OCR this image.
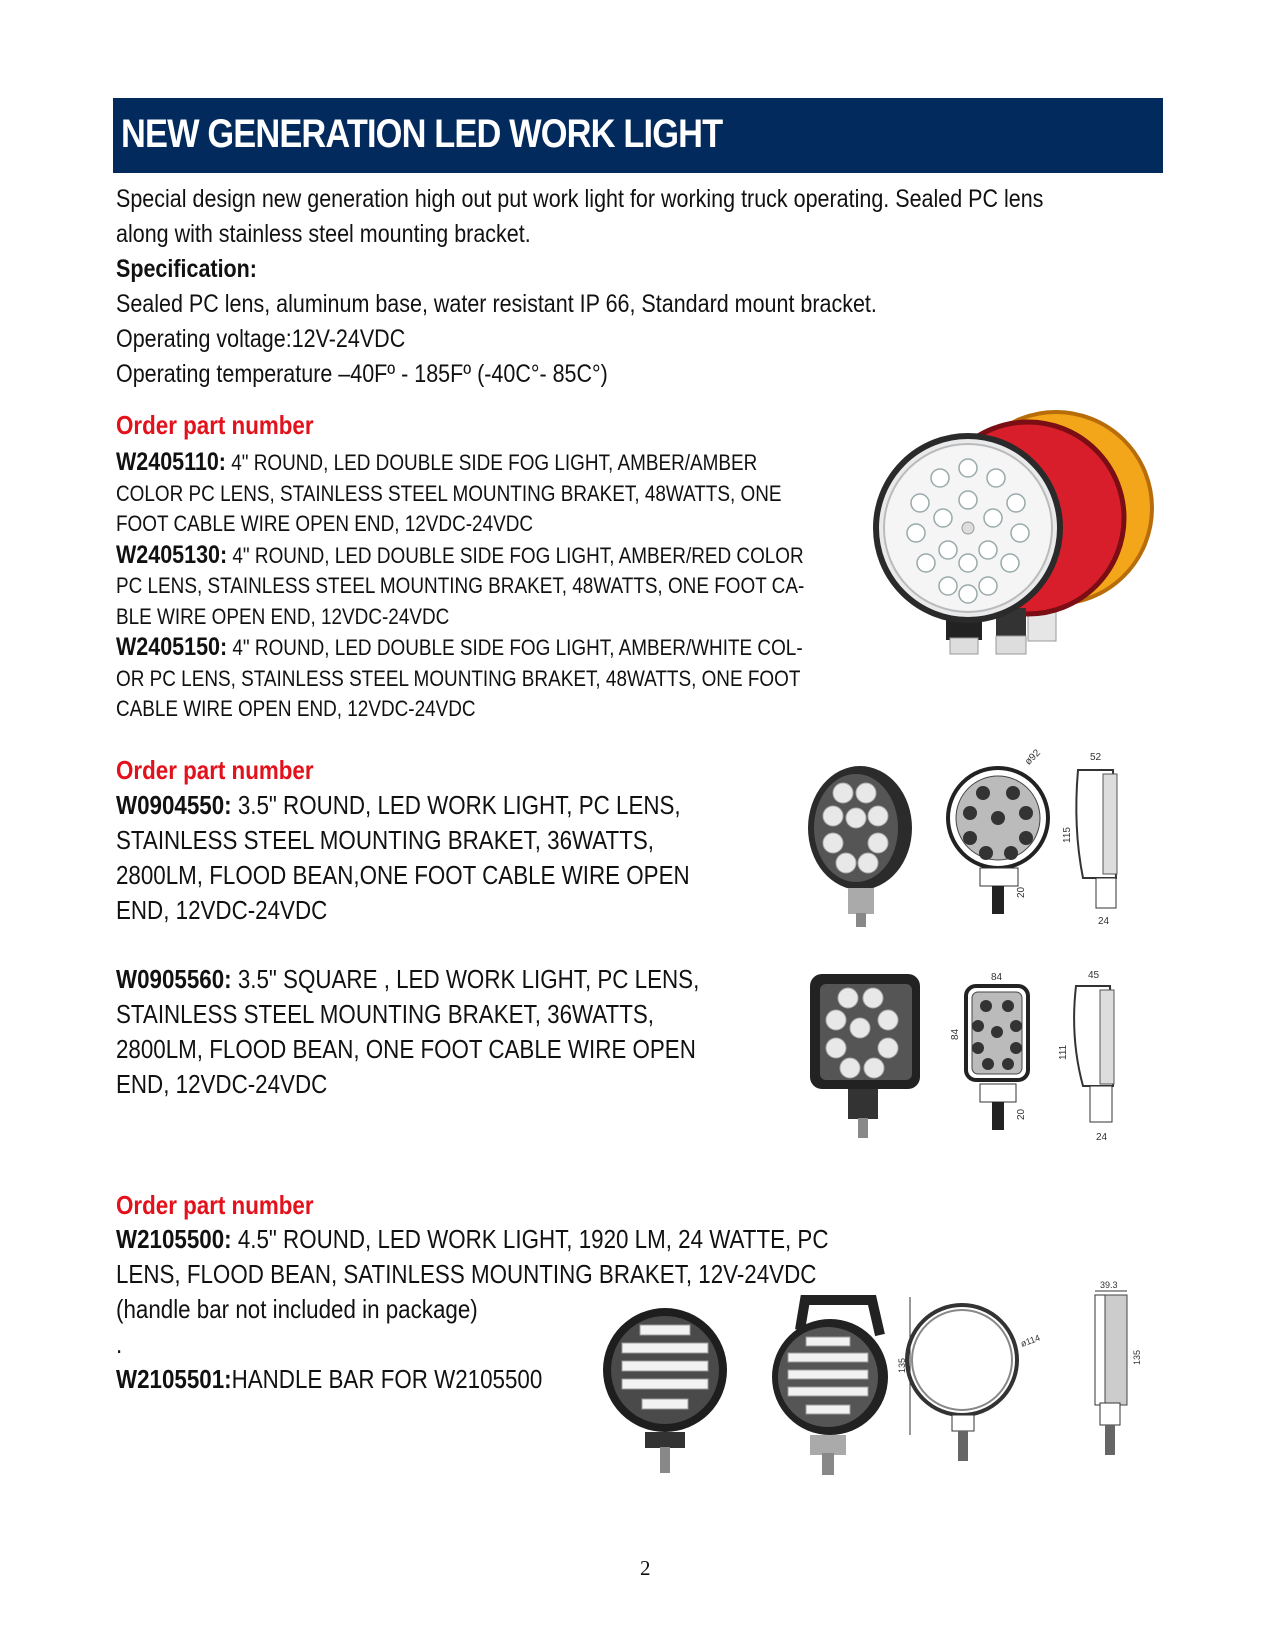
NEW GENERATION LED WORK LIGHT
Special design new generation high out put work light for working truck operating. Sealed PC lens
along with stainless steel mounting bracket.
Specification:
Sealed PC lens, aluminum base, water resistant IP 66, Standard mount bracket.
Operating voltage:12V-24VDC
Operating temperature –40Fº - 185Fº (-40C°- 85C°)
Order part number
W2405110: 4" ROUND, LED DOUBLE SIDE FOG LIGHT, AMBER/AMBER
COLOR PC LENS, STAINLESS STEEL MOUNTING BRAKET, 48WATTS, ONE
FOOT CABLE WIRE OPEN END, 12VDC-24VDC
W2405130: 4" ROUND, LED DOUBLE SIDE FOG LIGHT, AMBER/RED COLOR
PC LENS, STAINLESS STEEL MOUNTING BRAKET, 48WATTS, ONE FOOT CA-
BLE WIRE OPEN END, 12VDC-24VDC
W2405150: 4" ROUND, LED DOUBLE SIDE FOG LIGHT, AMBER/WHITE COL-
OR PC LENS, STAINLESS STEEL MOUNTING BRAKET, 48WATTS, ONE FOOT
CABLE WIRE OPEN END, 12VDC-24VDC
Order part number
W0904550: 3.5" ROUND, LED WORK LIGHT, PC LENS,
STAINLESS STEEL MOUNTING BRAKET, 36WATTS,
2800LM, FLOOD BEAN,ONE FOOT CABLE WIRE OPEN
END, 12VDC-24VDC
W0905560: 3.5" SQUARE , LED WORK LIGHT, PC LENS,
STAINLESS STEEL MOUNTING BRAKET, 36WATTS,
2800LM, FLOOD BEAN, ONE FOOT CABLE WIRE OPEN
END, 12VDC-24VDC
ø92
20
52
115
24
84
84
20
45
111
24
ø114
135
39.3
135
Order part number
W2105500: 4.5" ROUND, LED WORK LIGHT, 1920 LM, 24 WATTE, PC
LENS, FLOOD BEAN, SATINLESS MOUNTING BRAKET, 12V-24VDC
(handle bar not included in package)
.
W2105501:HANDLE BAR FOR W2105500
2
